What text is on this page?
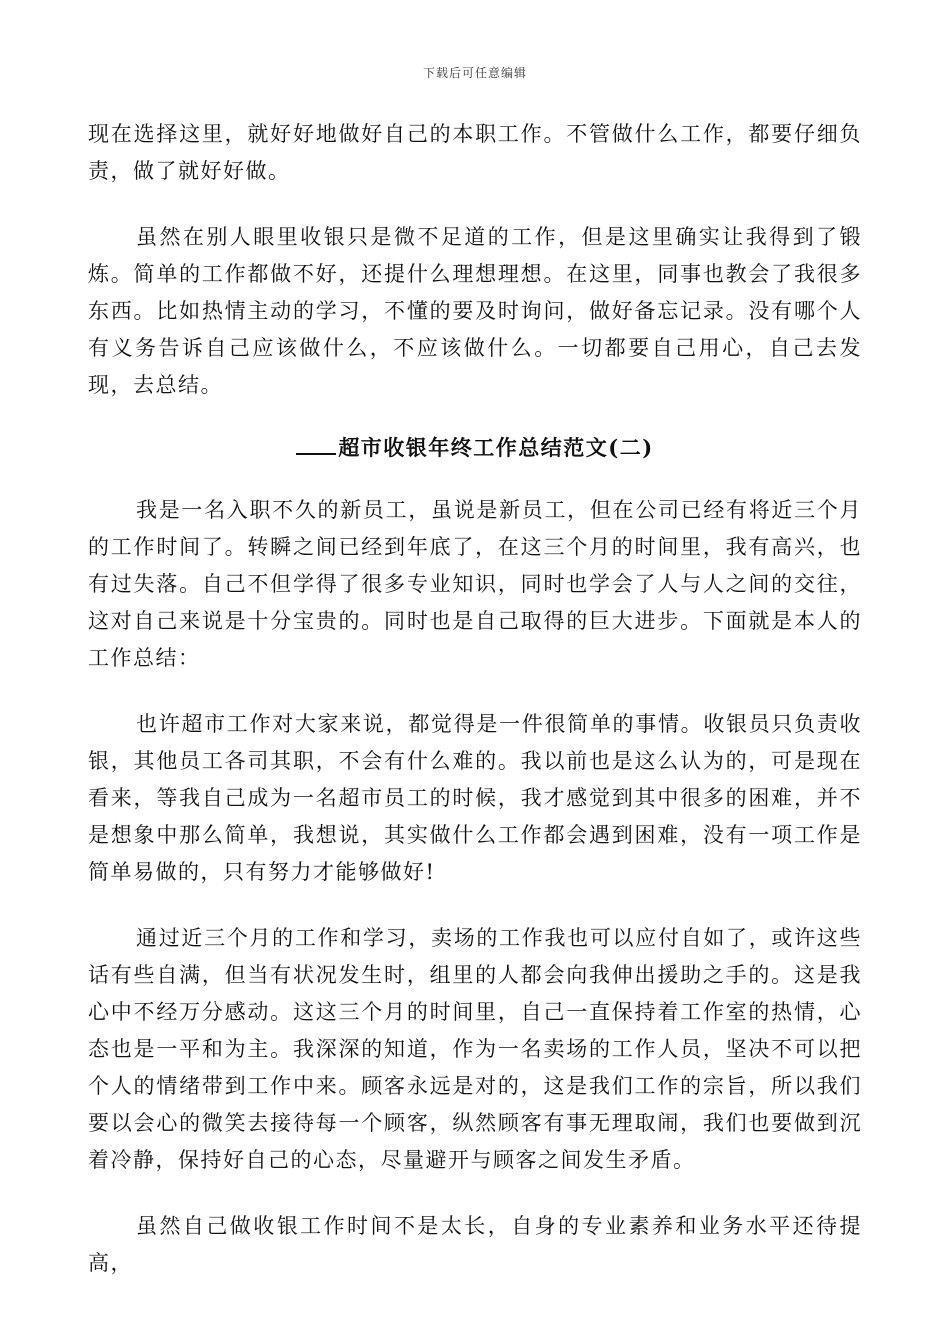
下载后可任意编辑

现在选择这里，就好好地做好自己的本职工作。不管做什么工作，都要仔细负责，做了就好好做。

虽然在别人眼里收银只是微不足道的工作，但是这里确实让我得到了锻炼。简单的工作都做不好，还提什么理想理想。在这里，同事也教会了我很多东西。比如热情主动的学习，不懂的要及时询问，做好备忘记录。没有哪个人有义务告诉自己应该做什么，不应该做什么。一切都要自己用心，自己去发现，去总结。

超市收银年终工作总结范文(二)

我是一名入职不久的新员工，虽说是新员工，但在公司已经有将近三个月的工作时间了。转瞬之间已经到年底了，在这三个月的时间里，我有高兴，也有过失落。自己不但学得了很多专业知识，同时也学会了人与人之间的交往，这对自己来说是十分宝贵的。同时也是自己取得的巨大进步。下面就是本人的工作总结：

也许超市工作对大家来说，都觉得是一件很简单的事情。收银员只负责收银，其他员工各司其职，不会有什么难的。我以前也是这么认为的，可是现在看来，等我自己成为一名超市员工的时候，我才感觉到其中很多的困难，并不是想象中那么简单，我想说，其实做什么工作都会遇到困难，没有一项工作是简单易做的，只有努力才能够做好!

通过近三个月的工作和学习，卖场的工作我也可以应付自如了，或许这些话有些自满，但当有状况发生时，组里的人都会向我伸出援助之手的。这是我心中不经万分感动。这这三个月的时间里，自己一直保持着工作室的热情，心态也是一平和为主。我深深的知道，作为一名卖场的工作人员，坚决不可以把个人的情绪带到工作中来。顾客永远是对的，这是我们工作的宗旨，所以我们要以会心的微笑去接待每一个顾客，纵然顾客有事无理取闹，我们也要做到沉着冷静，保持好自己的心态，尽量避开与顾客之间发生矛盾。

虽然自己做收银工作时间不是太长，自身的专业素养和业务水平还待提高，
